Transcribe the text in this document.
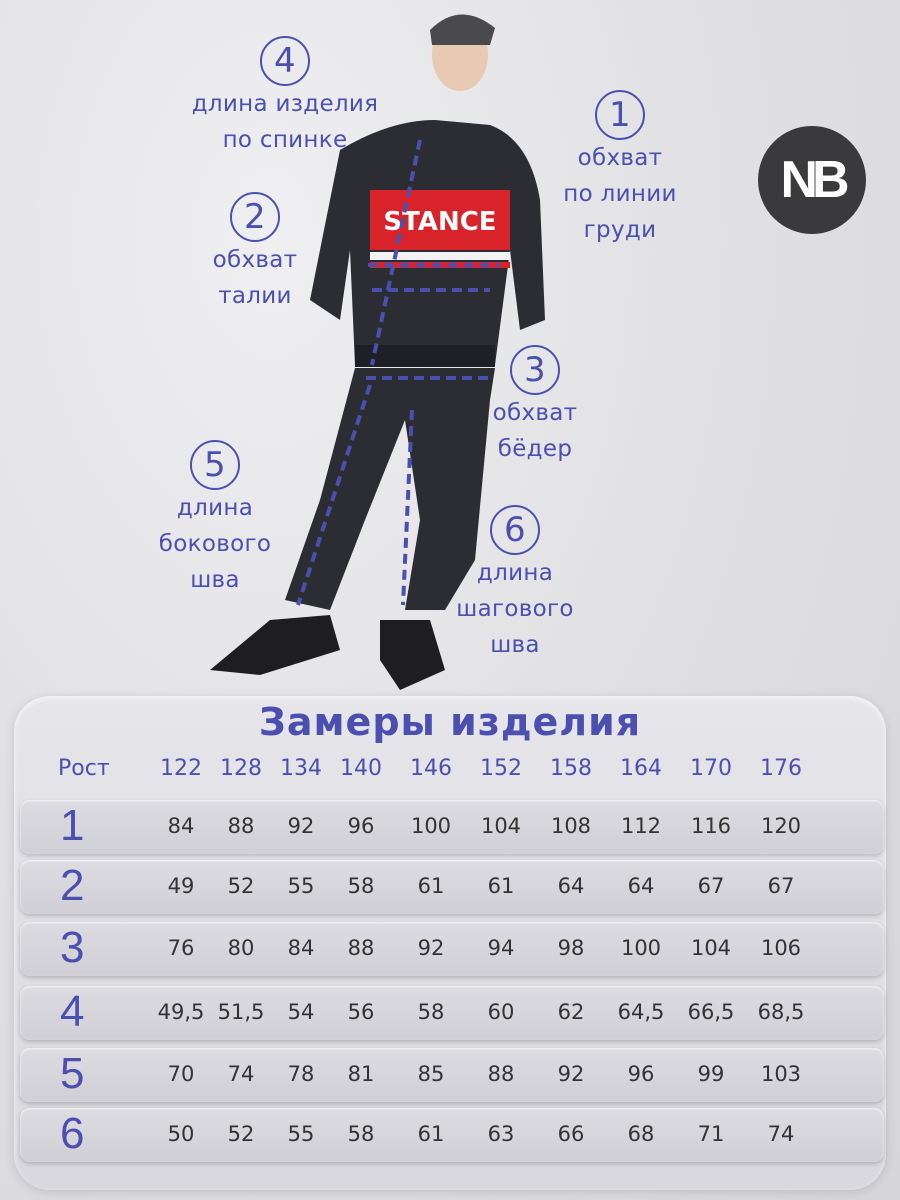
NB
STANCE
1
обхват
по линии
груди
2
обхват
талии
3
обхват
бёдер
4
длина изделия
по спинке
5
длина
бокового
шва
6
длина
шагового
шва
Замеры изделия
Рост	122 128 134 140	146	152	158	164	170	176
1	84	88	92	96	100	104	108	112	116	120
2	49	52	55	58	61	61	64	64	67	67
3	76	80	84	88	92	94	98	100	104	106
4	49,5 51,5	54	56	58	60	62	64,5	66,5	68,5
5	70	74	78	81	85	88	92	96	99	103
6	50	52	55	58	61	63	66	68	71	74
